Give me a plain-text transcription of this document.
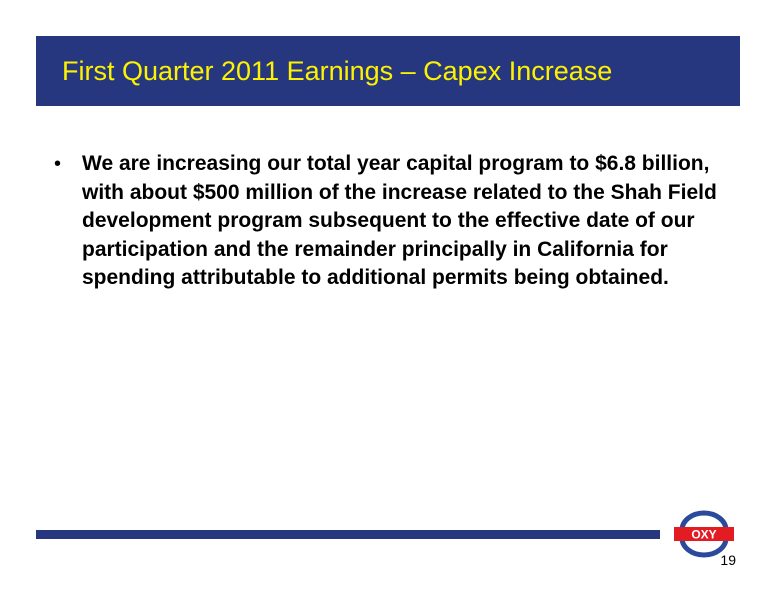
First Quarter 2011 Earnings – Capex Increase
• We are increasing our total year capital program to $6.8 billion, with about $500 million of the increase related to the Shah Field development program subsequent to the effective date of our participation and the remainder principally in California for spending attributable to additional permits being obtained.
OXY
19
